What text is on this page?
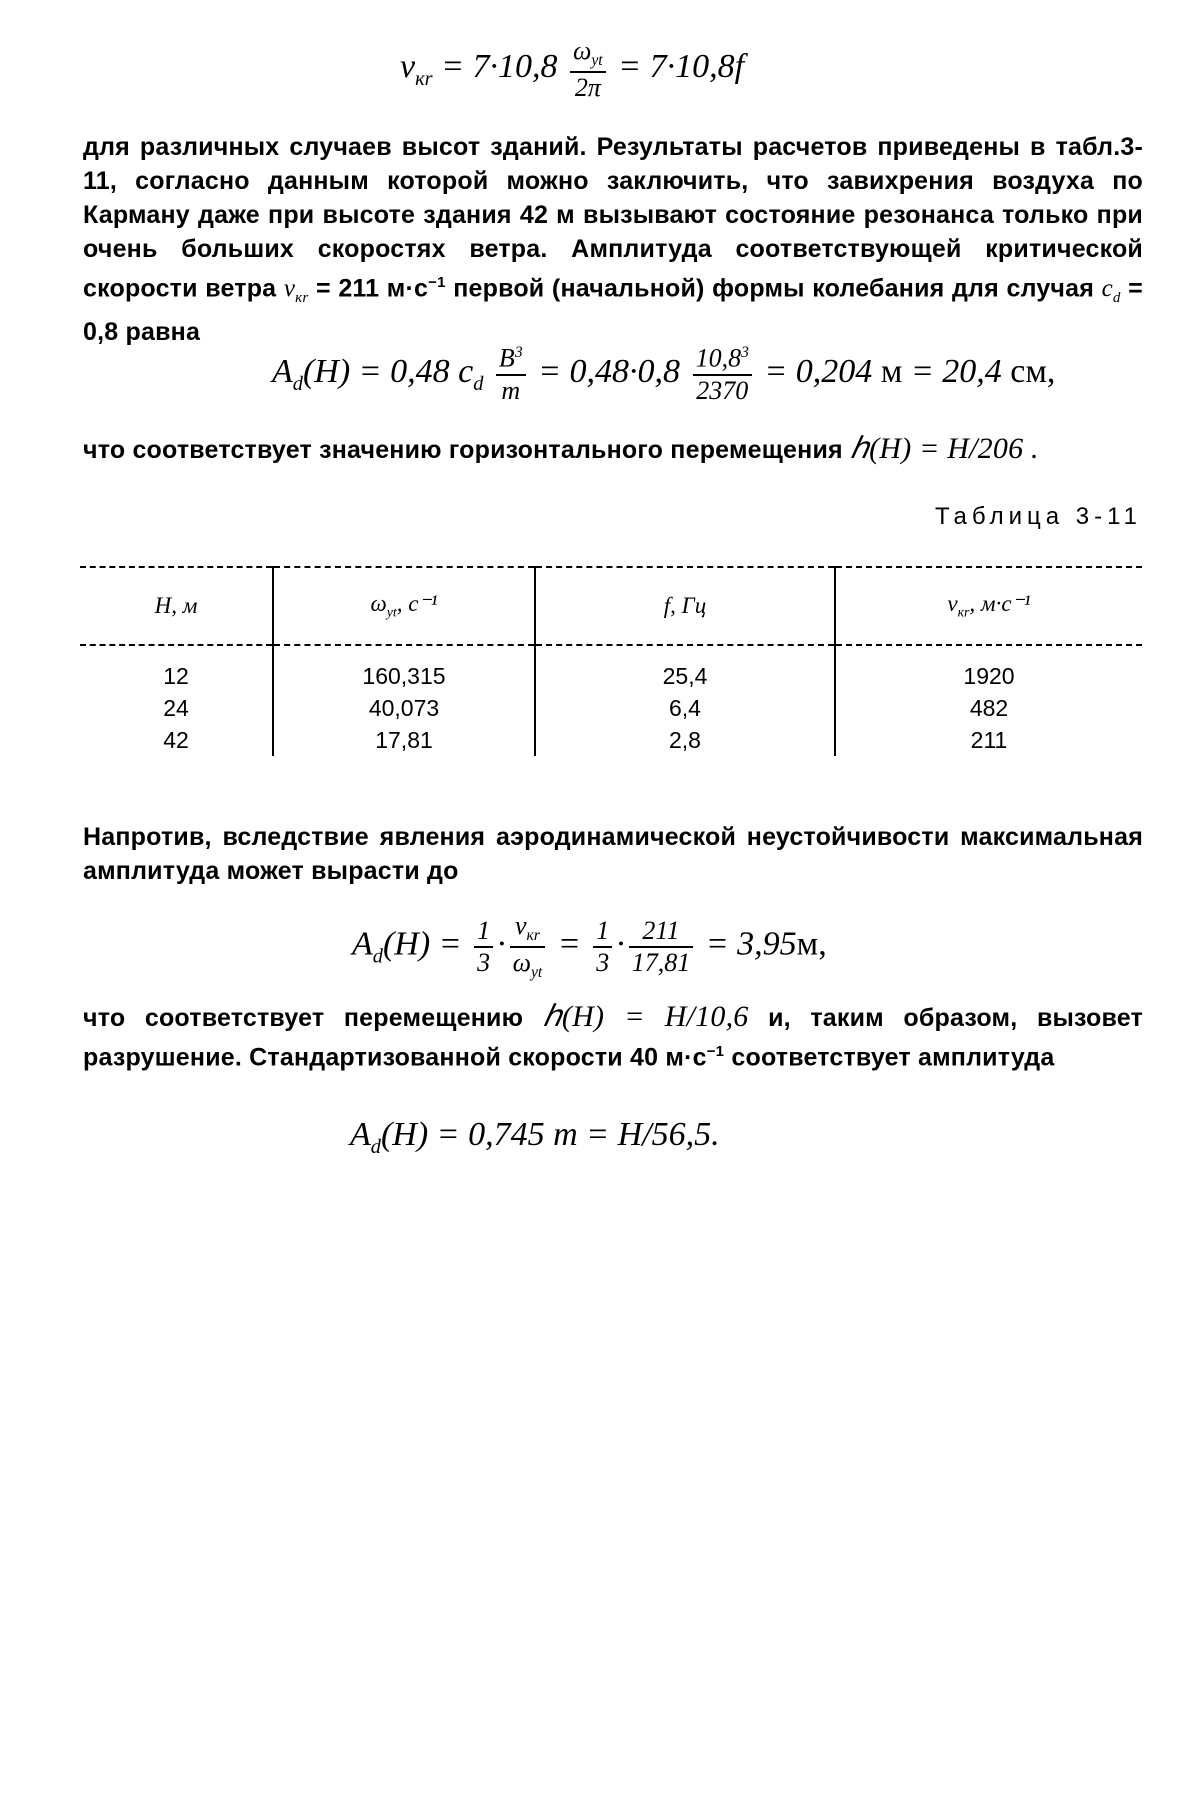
$v_{кr} = 7\cdot 10,8 \frac{\omega_{yt}}{2\pi} = 7\cdot 10,8f$
для различных случаев высот зданий. Результаты расчетов приведены в табл.3-11, согласно данным которой можно заключить, что завихрения воздуха по Карману даже при высоте здания 42 м вызывают состояние резонанса только при очень больших скоростях ветра. Амплитуда соответствующей критической скорости ветра $v_{кr} = 211$ $м\cdot с^{-1}$ первой (начальной) формы колебания для случая $c_d = 0,8$ равна
$A_d(H) = 0,48$ $c_d \frac{B^3}{m} = 0,48\cdot 0,8 \frac{10,8^3}{2370} = 0,204$ м = 20,4 см,
что соответствует значению горизонтального перемещения ℎ(H) = H/206 .
Таблица 3-11
H, м	$\omega_{yt}$, с⁻¹	f, Гц	$v_{кr}$, м·с⁻¹
12	160,315	25,4	1920
24	40,073	6,4	482
42	17,81	2,8	211
Напротив, вследствие явления аэродинамической неустойчивости максимальная амплитуда может вырасти до
$A_d(H) = \frac{1}{3} \cdot \frac{v_{кr}}{\omega_{yt}} = \frac{1}{3} \cdot \frac{211}{17,81} = 3,95м$,
что соответствует перемещению ℎ(H) = H/10,6 и, таким образом, вызовет разрушение. Стандартизованной скорости 40 $м\cdot с^{-1}$ соответствует амплитуда
$A_d(H) = 0,745$ m = H/56,5.
